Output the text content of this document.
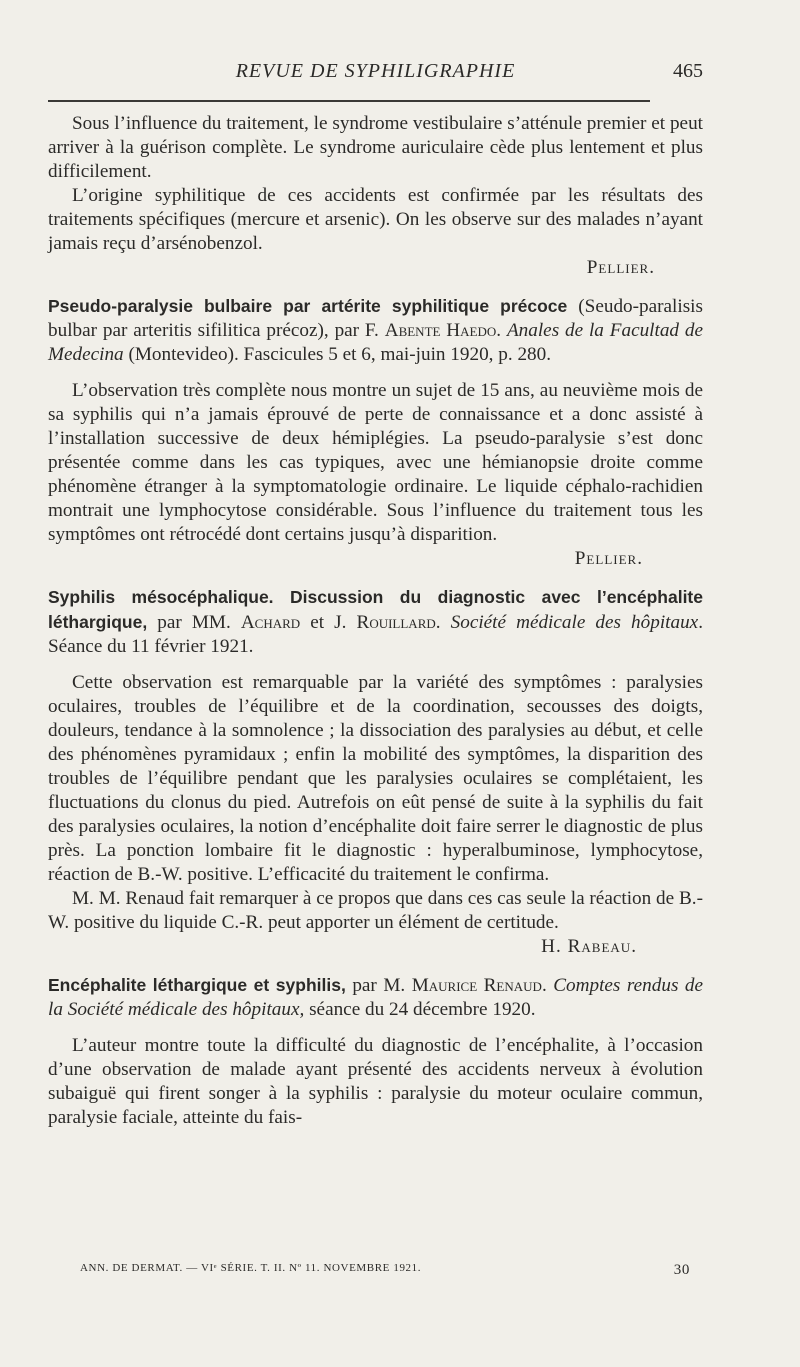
REVUE DE SYPHILIGRAPHIE	465

Sous l’influence du traitement, le syndrome vestibulaire s’atténule premier et peut arriver à la guérison complète. Le syndrome auriculaire cède plus lentement et plus difficilement.

L’origine syphilitique de ces accidents est confirmée par les résultats des traitements spécifiques (mercure et arsenic). On les observe sur des malades n’ayant jamais reçu d’arsénobenzol.

Pellier.

Pseudo-paralysie bulbaire par artérite syphilitique précoce (Seudo-paralisis bulbar par arteritis sifilitica précoz), par F. Abente Haedo. Anales de la Facultad de Medecina (Montevideo). Fascicules 5 et 6, mai-juin 1920, p. 280.

L’observation très complète nous montre un sujet de 15 ans, au neuvième mois de sa syphilis qui n’a jamais éprouvé de perte de connaissance et a donc assisté à l’installation successive de deux hémiplégies. La pseudo-paralysie s’est donc présentée comme dans les cas typiques, avec une hémianopsie droite comme phénomène étranger à la symptomatologie ordinaire. Le liquide céphalo-rachidien montrait une lymphocytose considérable. Sous l’influence du traitement tous les symptômes ont rétrocédé dont certains jusqu’à disparition.

Pellier.

Syphilis mésocéphalique. Discussion du diagnostic avec l’encéphalite léthargique, par MM. Achard et J. Rouillard. Société médicale des hôpitaux. Séance du 11 février 1921.

Cette observation est remarquable par la variété des symptômes : paralysies oculaires, troubles de l’équilibre et de la coordination, secousses des doigts, douleurs, tendance à la somnolence ; la dissociation des paralysies au début, et celle des phénomènes pyramidaux ; enfin la mobilité des symptômes, la disparition des troubles de l’équilibre pendant que les paralysies oculaires se complétaient, les fluctuations du clonus du pied. Autrefois on eût pensé de suite à la syphilis du fait des paralysies oculaires, la notion d’encéphalite doit faire serrer le diagnostic de plus près. La ponction lombaire fit le diagnostic : hyperalbuminose, lymphocytose, réaction de B.-W. positive. L’efficacité du traitement le confirma.

M. M. Renaud fait remarquer à ce propos que dans ces cas seule la réaction de B.-W. positive du liquide C.-R. peut apporter un élément de certitude.

H. Rabeau.

Encéphalite léthargique et syphilis, par M. Maurice Renaud. Comptes rendus de la Société médicale des hôpitaux, séance du 24 décembre 1920.

L’auteur montre toute la difficulté du diagnostic de l’encéphalite, à l’occasion d’une observation de malade ayant présenté des accidents nerveux à évolution subaiguë qui firent songer à la syphilis : paralysie du moteur oculaire commun, paralysie faciale, atteinte du fais-

ANN. DE DERMAT. — VIᵉ SÉRIE. T. II. Nº 11. NOVEMBRE 1921.	30
